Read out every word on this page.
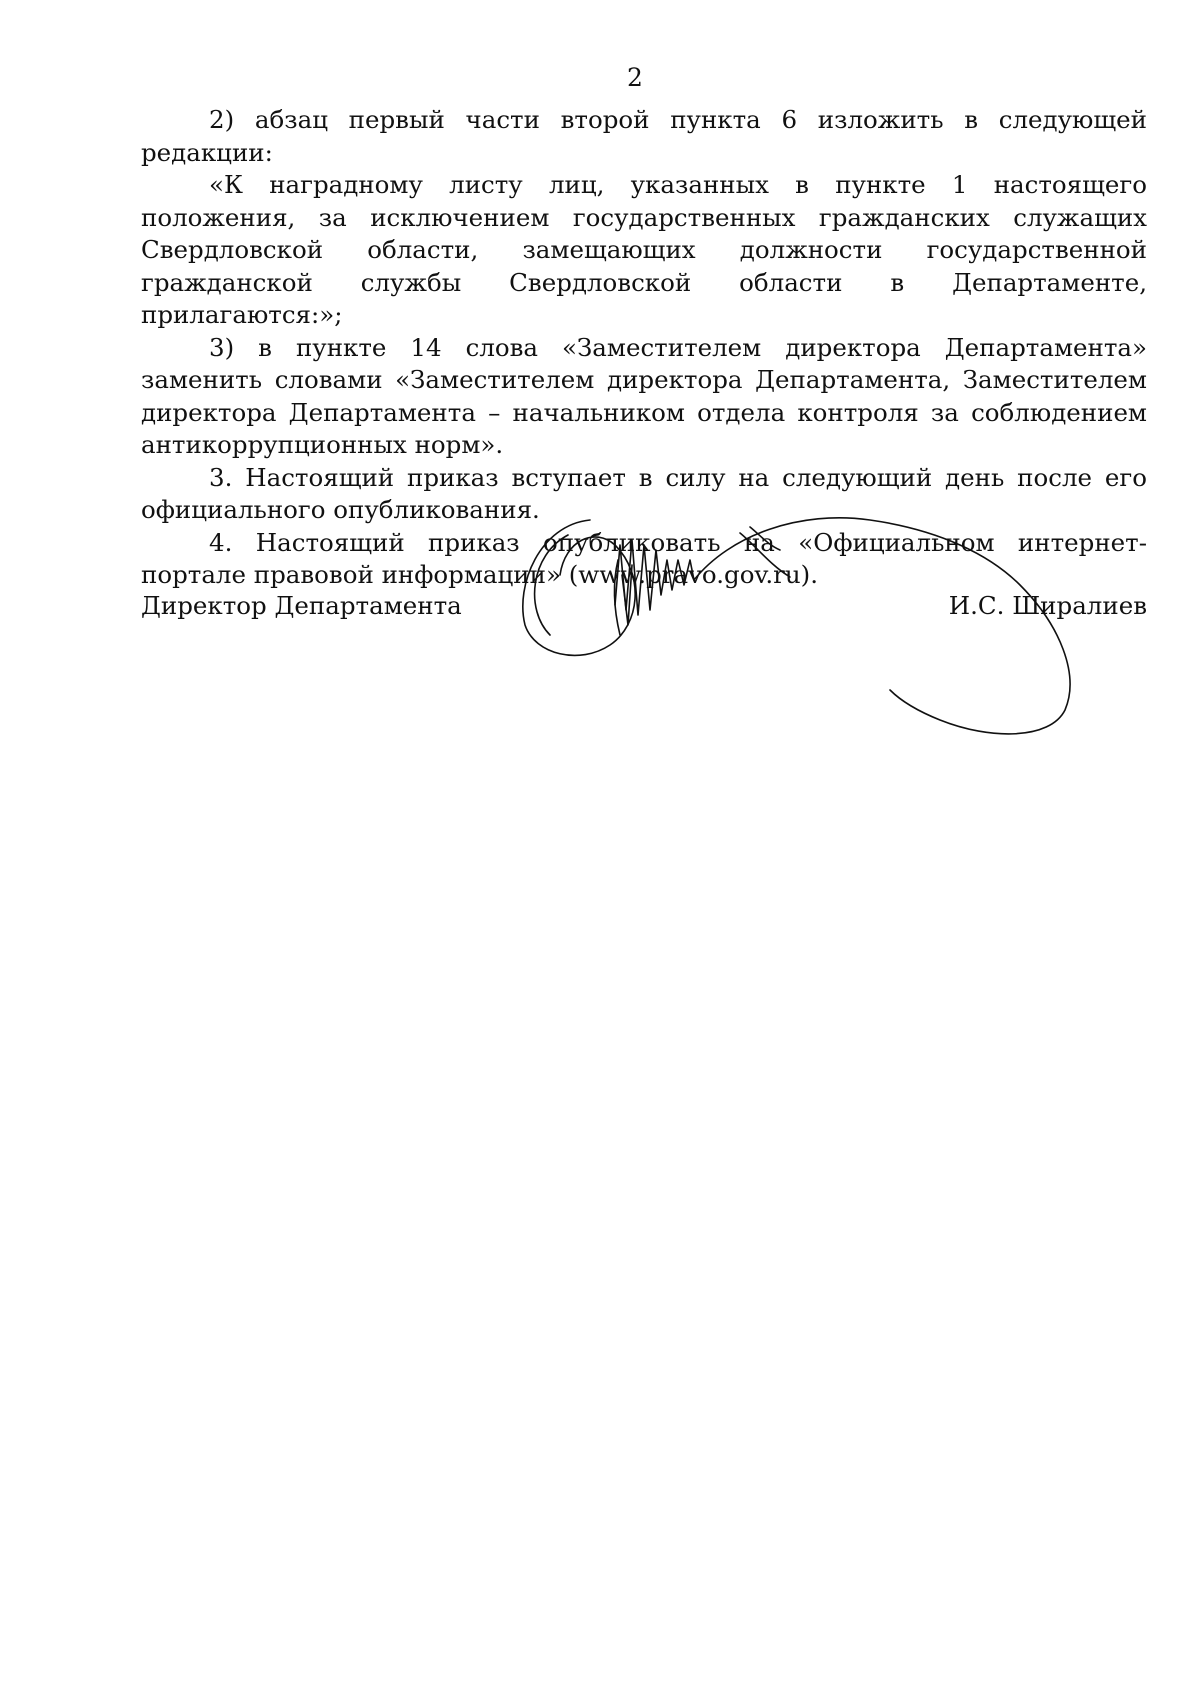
2

2) абзац первый части второй пункта 6 изложить в следующей редакции:

«К наградному листу лиц, указанных в пункте 1 настоящего положения, за исключением государственных гражданских служащих Свердловской области, замещающих должности государственной гражданской службы Свердловской области в Департаменте, прилагаются:»;

3) в пункте 14 слова «Заместителем директора Департамента» заменить словами «Заместителем директора Департамента, Заместителем директора Департамента – начальником отдела контроля за соблюдением антикоррупционных норм».

3. Настоящий приказ вступает в силу на следующий день после его официального опубликования.

4. Настоящий приказ опубликовать на «Официальном интернет-портале правовой информации» (www.pravo.gov.ru).

Директор Департамента	И.С. Ширалиев
